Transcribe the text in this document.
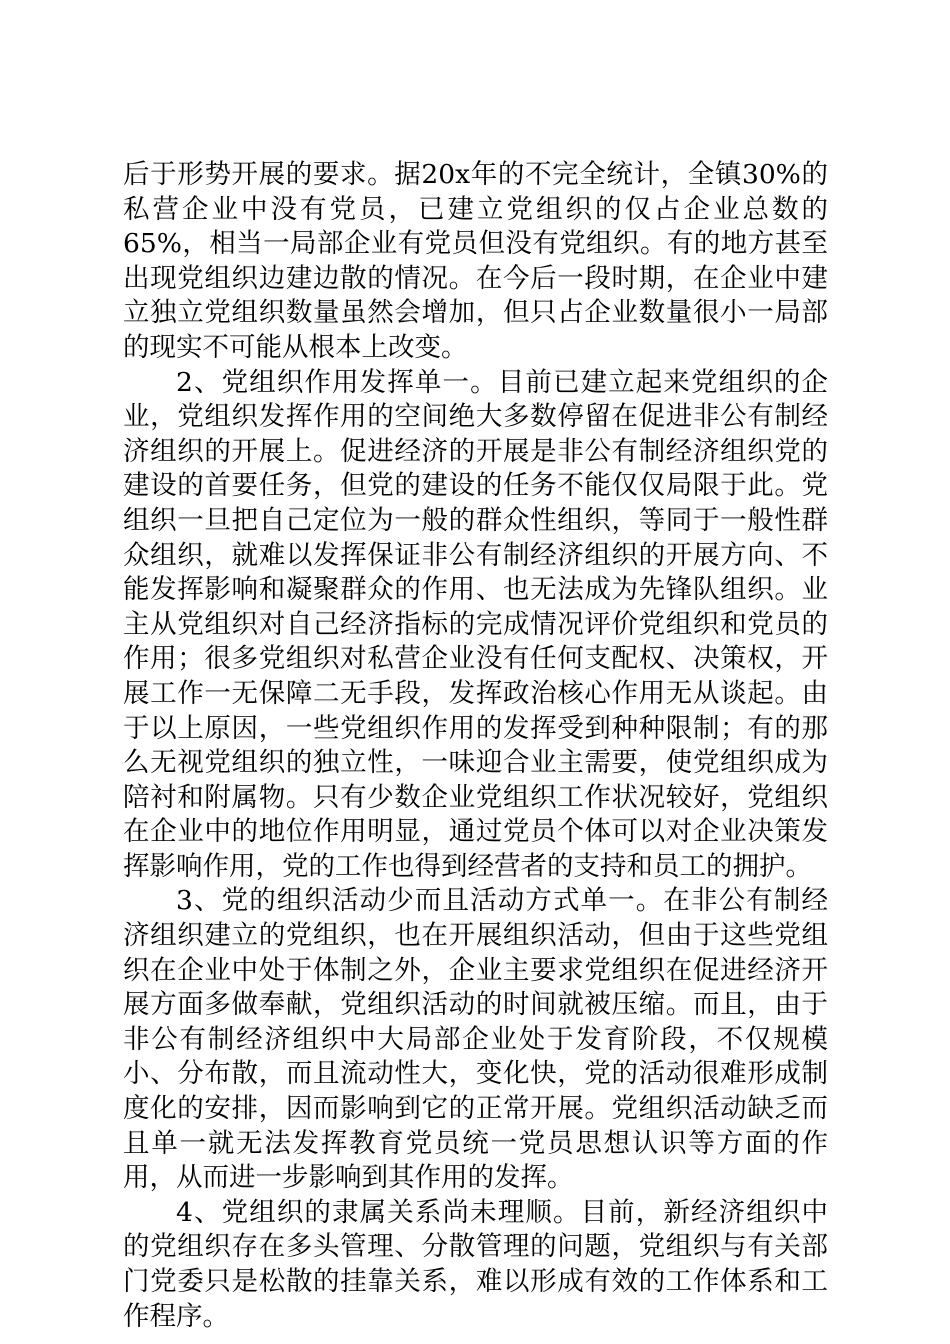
后于形势开展的要求。据20x年的不完全统计，全镇30%的私营企业中没有党员，已建立党组织的仅占企业总数的65%，相当一局部企业有党员但没有党组织。有的地方甚至出现党组织边建边散的情况。在今后一段时期，在企业中建立独立党组织数量虽然会增加，但只占企业数量很小一局部的现实不可能从根本上改变。

2、党组织作用发挥单一。目前已建立起来党组织的企业，党组织发挥作用的空间绝大多数停留在促进非公有制经济组织的开展上。促进经济的开展是非公有制经济组织党的建设的首要任务，但党的建设的任务不能仅仅局限于此。党组织一旦把自己定位为一般的群众性组织，等同于一般性群众组织，就难以发挥保证非公有制经济组织的开展方向、不能发挥影响和凝聚群众的作用、也无法成为先锋队组织。业主从党组织对自己经济指标的完成情况评价党组织和党员的作用；很多党组织对私营企业没有任何支配权、决策权，开展工作一无保障二无手段，发挥政治核心作用无从谈起。由于以上原因，一些党组织作用的发挥受到种种限制；有的那么无视党组织的独立性，一味迎合业主需要，使党组织成为陪衬和附属物。只有少数企业党组织工作状况较好，党组织在企业中的地位作用明显，通过党员个体可以对企业决策发挥影响作用，党的工作也得到经营者的支持和员工的拥护。

3、党的组织活动少而且活动方式单一。在非公有制经济组织建立的党组织，也在开展组织活动，但由于这些党组织在企业中处于体制之外，企业主要求党组织在促进经济开展方面多做奉献，党组织活动的时间就被压缩。而且，由于非公有制经济组织中大局部企业处于发育阶段，不仅规模小、分布散，而且流动性大，变化快，党的活动很难形成制度化的安排，因而影响到它的正常开展。党组织活动缺乏而且单一就无法发挥教育党员统一党员思想认识等方面的作用，从而进一步影响到其作用的发挥。

4、党组织的隶属关系尚未理顺。目前，新经济组织中的党组织存在多头管理、分散管理的问题，党组织与有关部门党委只是松散的挂靠关系，难以形成有效的工作体系和工作程序。
